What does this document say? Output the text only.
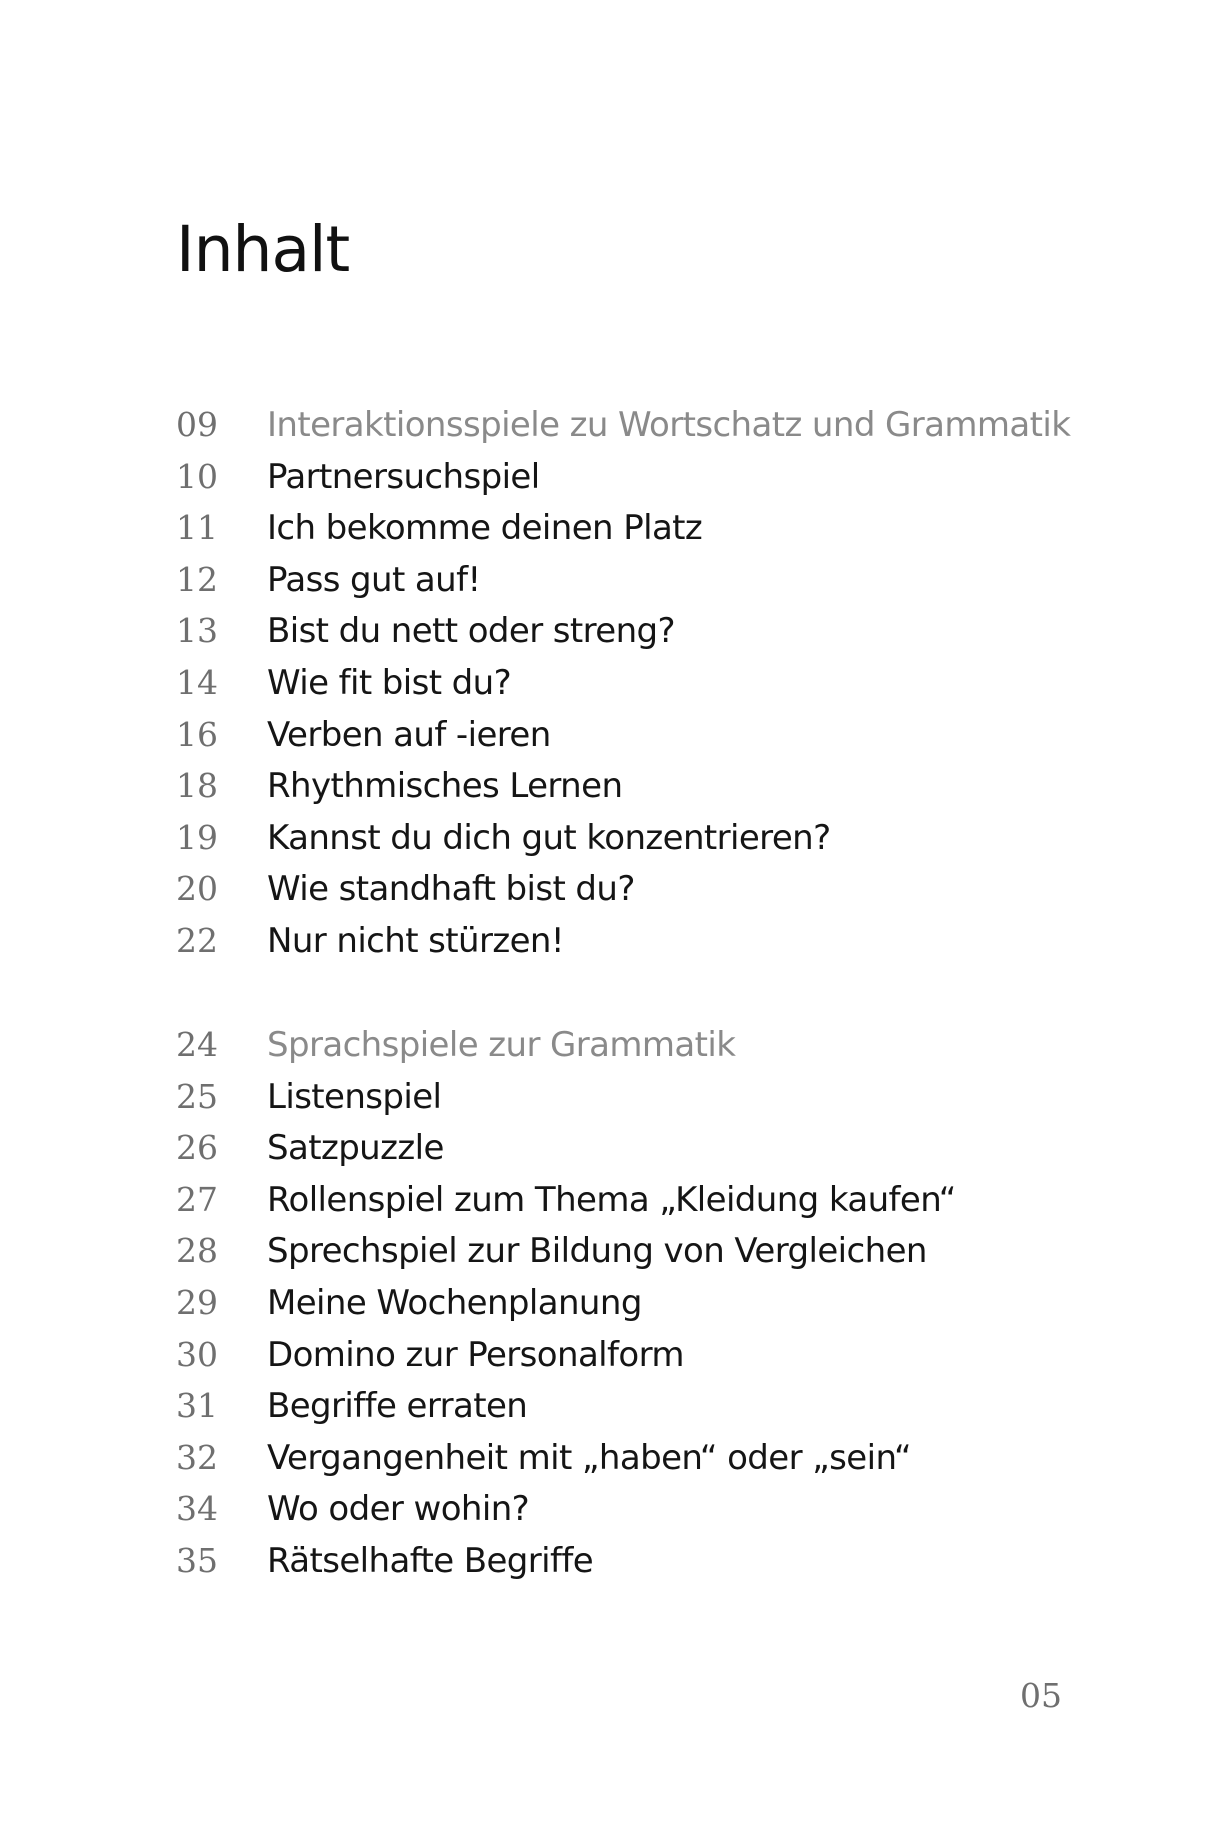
Inhalt
09	Interaktionsspiele zu Wortschatz und Grammatik
10	Partnersuchspiel
11	Ich bekomme deinen Platz
12	Pass gut auf!
13	Bist du nett oder streng?
14	Wie fit bist du?
16	Verben auf -ieren
18	Rhythmisches Lernen
19	Kannst du dich gut konzentrieren?
20	Wie standhaft bist du?
22	Nur nicht stürzen!
24	Sprachspiele zur Grammatik
25	Listenspiel
26	Satzpuzzle
27	Rollenspiel zum Thema „Kleidung kaufen“
28	Sprechspiel zur Bildung von Vergleichen
29	Meine Wochenplanung
30	Domino zur Personalform
31	Begriffe erraten
32	Vergangenheit mit „haben“ oder „sein“
34	Wo oder wohin?
35	Rätselhafte Begriffe
05
